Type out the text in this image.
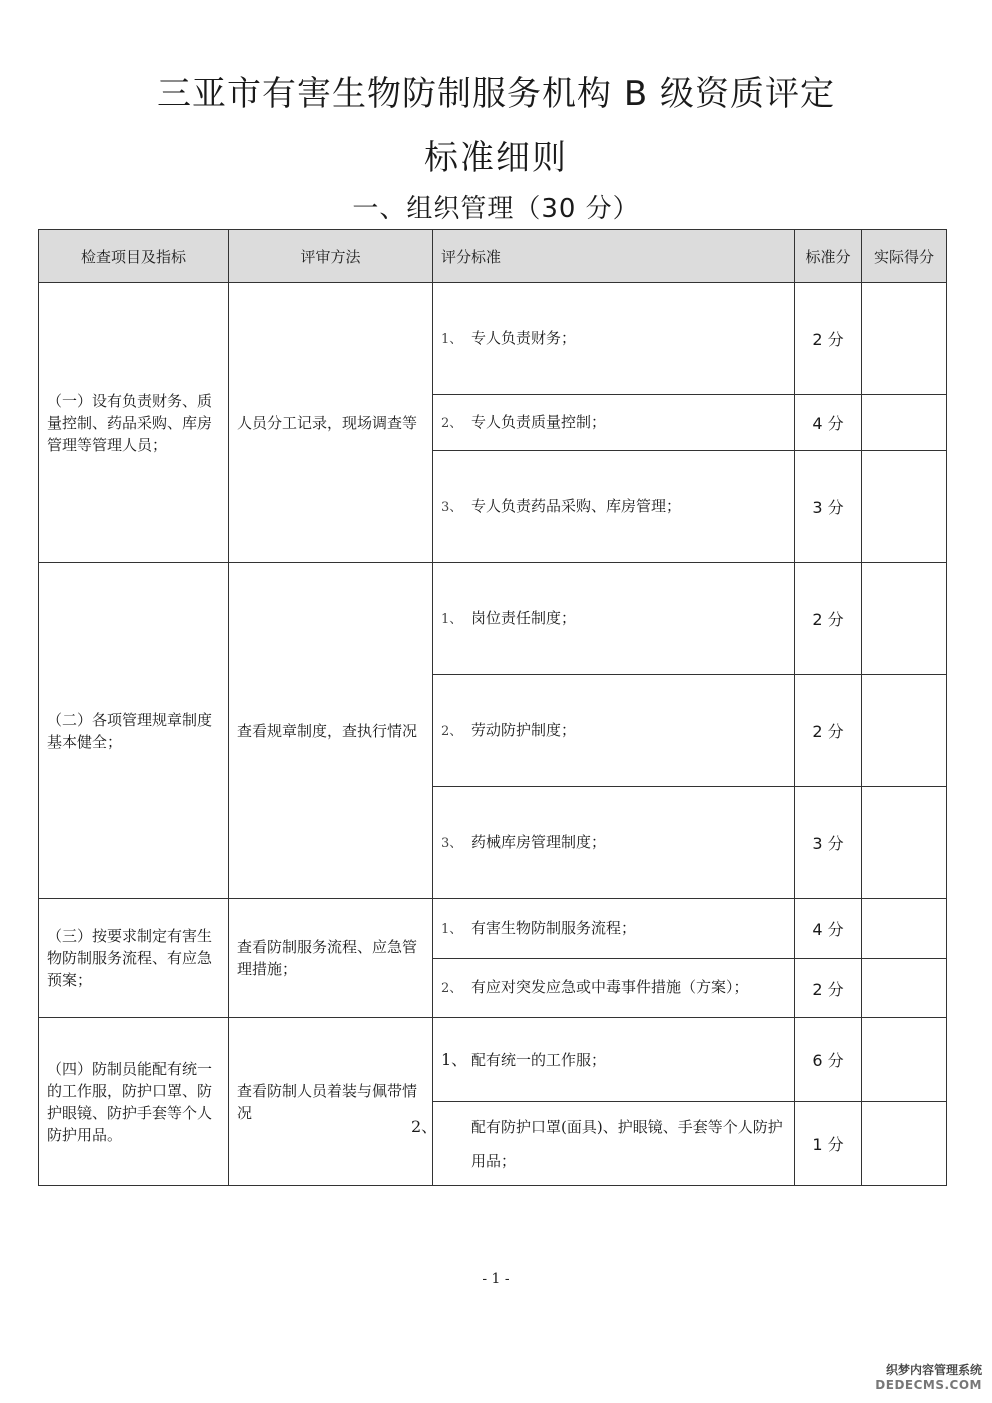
三亚市有害生物防制服务机构 B 级资质评定
标准细则
一、组织管理（30 分）
检查项目及指标	评审方法	评分标准	标准分	实际得分
（一）设有负责财务、质量控制、药品采购、库房管理等管理人员；	人员分工记录，现场调查等	1、 专人负责财务；	2 分	
		2、 专人负责质量控制；	4 分	
		3、 专人负责药品采购、库房管理；	3 分	
（二）各项管理规章制度基本健全；	查看规章制度，查执行情况	1、 岗位责任制度；	2 分	
		2、 劳动防护制度；	2 分	
		3、 药械库房管理制度；	3 分	
（三）按要求制定有害生物防制服务流程、有应急预案；	查看防制服务流程、应急管理措施；	1、 有害生物防制服务流程；	4 分	
		2、 有应对突发应急或中毒事件措施（方案）；	2 分	
（四）防制员能配有统一的工作服，防护口罩、防护眼镜、防护手套等个人防护用品。	查看防制人员着装与佩带情况	1、 配有统一的工作服；	6 分	

		2、 配有防护口罩(面具)、护眼镜、手套等个人防护用品；	1 分	
- 1 -
织梦内容管理系统
DEDECMS.COM
